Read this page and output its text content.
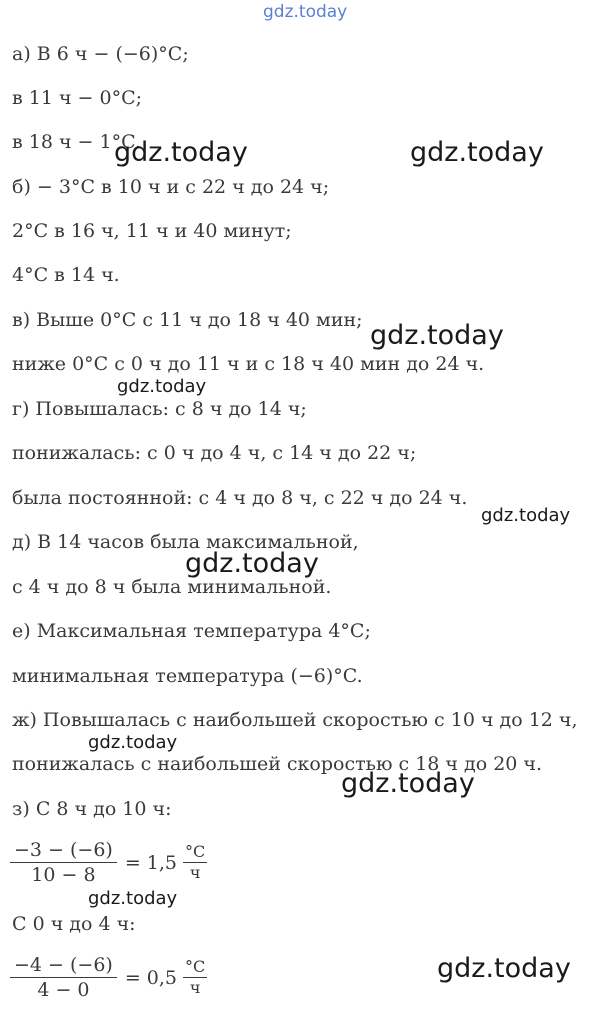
а) В 6 ч − (−6)°C;
в 11 ч − 0°C;
в 18 ч − 1°C.
б) − 3°C в 10 ч и с 22 ч до 24 ч;
2°C в 16 ч, 11 ч и 40 минут;
4°C в 14 ч.
в) Выше 0°C с 11 ч до 18 ч 40 мин;
ниже 0°C с 0 ч до 11 ч и с 18 ч 40 мин до 24 ч.
г) Повышалась: с 8 ч до 14 ч;
понижалась: с 0 ч до 4 ч, с 14 ч до 22 ч;
была постоянной: с 4 ч до 8 ч, с 22 ч до 24 ч.
д) В 14 часов была максимальной,
с 4 ч до 8 ч была минимальной.
е) Максимальная температура 4°C;
минимальная температура (−6)°C.
ж) Повышалась с наибольшей скоростью с 10 ч до 12 ч,
понижалась с наибольшей скоростью с 18 ч до 20 ч.
з) С 8 ч до 10 ч:
$\frac{-3 - (-6)}{10 - 8} = 1,5 \frac{^\circ C}{ч}$
С 0 ч до 4 ч:
$\frac{-4 - (-6)}{4 - 0} = 0,5 \frac{^\circ C}{ч}$
gdz.today
gdz.today	gdz.today
gdz.today
gdz.today
gdz.today
gdz.today
gdz.today
gdz.today
gdz.today
gdz.today
